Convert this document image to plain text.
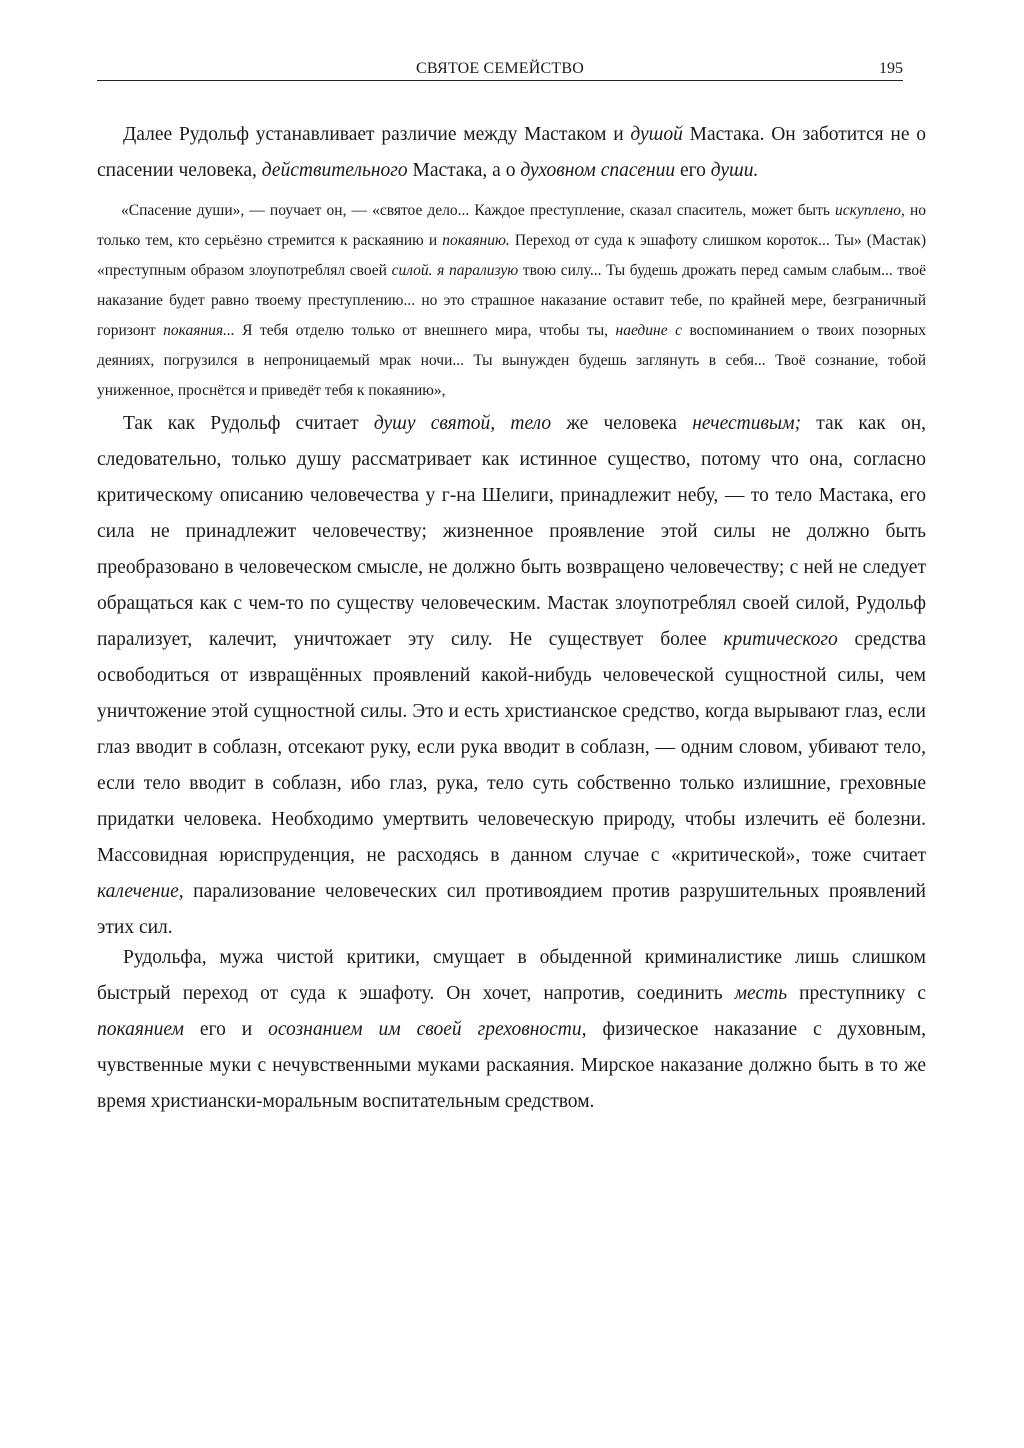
СВЯТОЕ СЕМЕЙСТВО	195

Далее Рудольф устанавливает различие между Мастаком и душой Мастака. Он заботится не о спасении человека, действительного Мастака, а о духовном спасении его души.

«Спасение души», — поучает он, — «святое дело... Каждое преступление, сказал спаситель, может быть искуплено, но только тем, кто серьёзно стремится к раскаянию и покаянию. Переход от суда к эшафоту слишком короток... Ты» (Мастак) «преступным образом злоупотреблял своей силой. я парализую твою силу... Ты будешь дрожать перед самым слабым... твоё наказание будет равно твоему преступлению... но это страшное наказание оставит тебе, по крайней мере, безграничный горизонт покаяния... Я тебя отделю только от внешнего мира, чтобы ты, наедине с воспоминанием о твоих позорных деяниях, погрузился в непроницаемый мрак ночи... Ты вынужден будешь заглянуть в себя... Твоё сознание, тобой униженное, проснётся и приведёт тебя к покаянию»,

Так как Рудольф считает душу святой, тело же человека нечестивым; так как он, следовательно, только душу рассматривает как истинное существо, потому что она, согласно критическому описанию человечества у г-на Шелиги, принадлежит небу, — то тело Мастака, его сила не принадлежит человечеству; жизненное проявление этой силы не должно быть преобразовано в человеческом смысле, не должно быть возвращено человечеству; с ней не следует обращаться как с чем-то по существу человеческим. Мастак злоупотреблял своей силой, Рудольф парализует, калечит, уничтожает эту силу. Не существует более критического средства освободиться от извращённых проявлений какой-нибудь человеческой сущностной силы, чем уничтожение этой сущностной силы. Это и есть христианское средство, когда вырывают глаз, если глаз вводит в соблазн, отсекают руку, если рука вводит в соблазн, — одним словом, убивают тело, если тело вводит в соблазн, ибо глаз, рука, тело суть собственно только излишние, греховные придатки человека. Необходимо умертвить человеческую природу, чтобы излечить её болезни. Массовидная юриспруденция, не расходясь в данном случае с «критической», тоже считает калечение, парализование человеческих сил противоядием против разрушительных проявлений этих сил.

Рудольфа, мужа чистой критики, смущает в обыденной криминалистике лишь слишком быстрый переход от суда к эшафоту. Он хочет, напротив, соединить месть преступнику с покаянием его и осознанием им своей греховности, физическое наказание с духовным, чувственные муки с нечувственными муками раскаяния. Мирское наказание должно быть в то же время христиански-моральным воспитательным средством.
